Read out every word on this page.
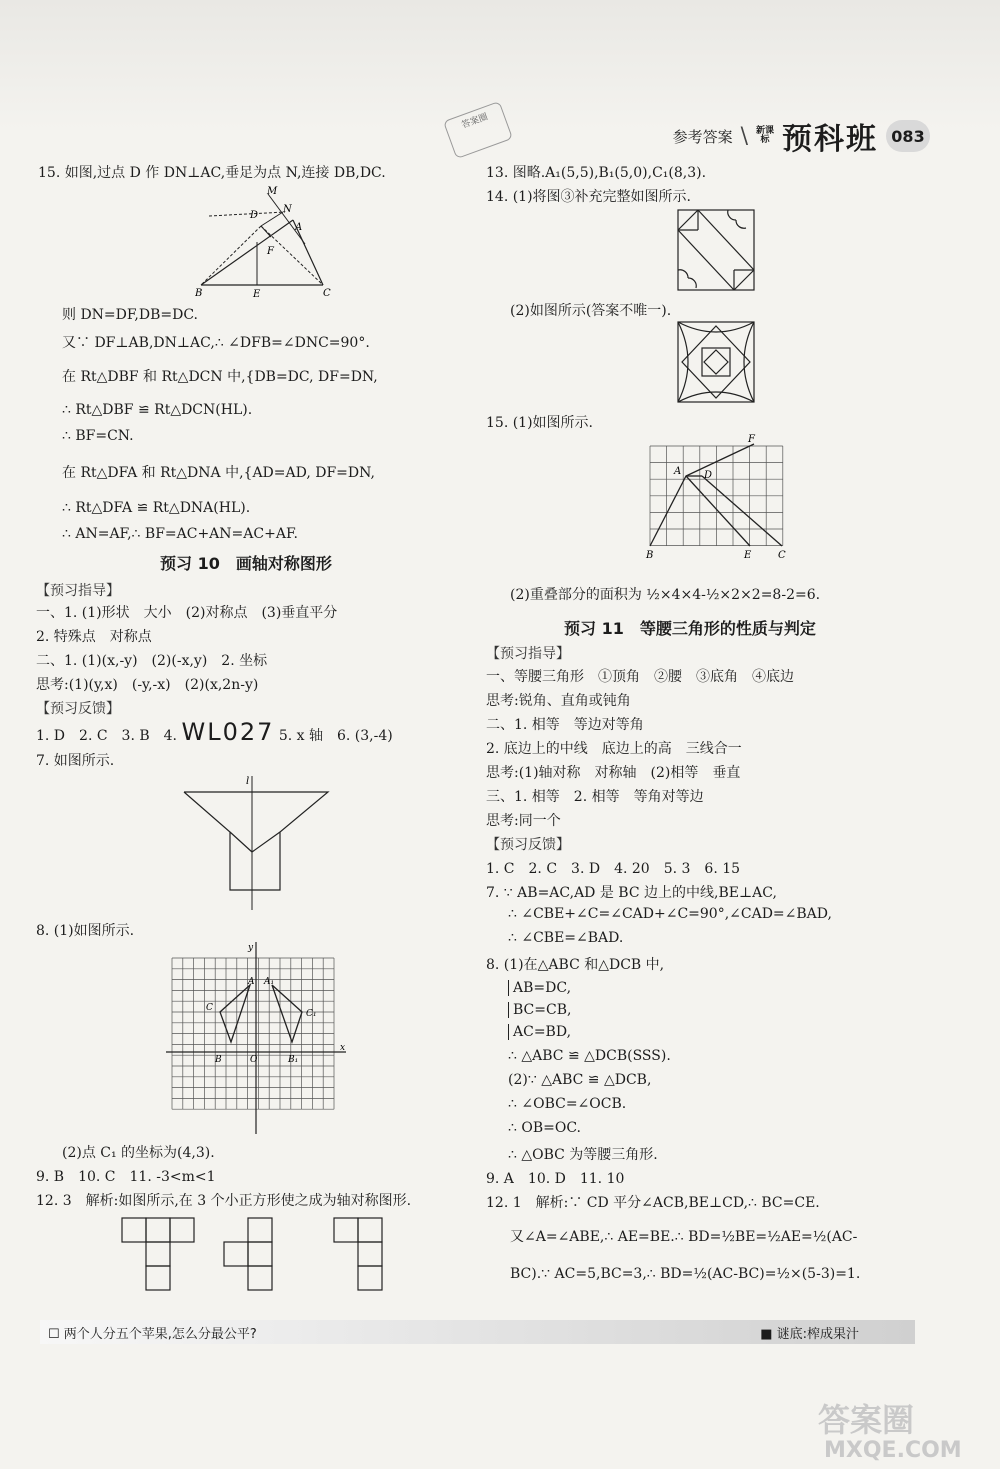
答案圈
参考答案 \ 新课标 预科班 083
15. 如图,过点 D 作 DN⊥AC,垂足为点 N,连接 DB,DC.
M
N
D
A
F
B	E	C
则 DN=DF,DB=DC.
又∵ DF⊥AB,DN⊥AC,∴ ∠DFB=∠DNC=90°.
在 Rt△DBF 和 Rt△DCN 中,{DB=DC, DF=DN,
∴ Rt△DBF ≌ Rt△DCN(HL).
∴ BF=CN.
在 Rt△DFA 和 Rt△DNA 中,{AD=AD, DF=DN,
∴ Rt△DFA ≌ Rt△DNA(HL).
∴ AN=AF,∴ BF=AC+AN=AC+AF.
预习 10　画轴对称图形
【预习指导】
一、1. (1)形状　大小　(2)对称点　(3)垂直平分
2. 特殊点　对称点
二、1. (1)(x,-y)　(2)(-x,y)　2. 坐标
思考:(1)(y,x)　(-y,-x)　(2)(x,2n-y)
【预习反馈】
1. D　2. C　3. B　4. WL027 5. x 轴　6. (3,-4)
7. 如图所示.
l
8. (1)如图所示.
x
y
O
A A₁
C
C₁
B	B₁
(2)点 C₁ 的坐标为(4,3).
9. B　10. C　11. -3<m<1
12. 3　解析:如图所示,在 3 个小正方形使之成为轴对称图形.
13. 图略.A₁(5,5),B₁(5,0),C₁(8,3).
14. (1)将图③补充完整如图所示.
(2)如图所示(答案不唯一).
15. (1)如图所示.
F
A D
B	E	C
(2)重叠部分的面积为 ½×4×4-½×2×2=8-2=6.
预习 11　等腰三角形的性质与判定
【预习指导】
一、等腰三角形　①顶角　②腰　③底角　④底边
思考:锐角、直角或钝角
二、1. 相等　等边对等角
2. 底边上的中线　底边上的高　三线合一
思考:(1)轴对称　对称轴　(2)相等　垂直
三、1. 相等　2. 相等　等角对等边
思考:同一个
【预习反馈】
1. C　2. C　3. D　4. 20　5. 3　6. 15
7. ∵ AB=AC,AD 是 BC 边上的中线,BE⊥AC,
∴ ∠CBE+∠C=∠CAD+∠C=90°,∠CAD=∠BAD,
∴ ∠CBE=∠BAD.
8. (1)在△ABC 和△DCB 中,
AB=DC,
BC=CB,
AC=BD,
∴ △ABC ≌ △DCB(SSS).
(2)∵ △ABC ≌ △DCB,
∴ ∠OBC=∠OCB.
∴ OB=OC.
∴ △OBC 为等腰三角形.
9. A　10. D　11. 10
12. 1　解析:∵ CD 平分∠ACB,BE⊥CD,∴ BC=CE.
又∠A=∠ABE,∴ AE=BE.∴ BD=½BE=½AE=½(AC-
BC).∵ AC=5,BC=3,∴ BD=½(AC-BC)=½×(5-3)=1.
☐ 两个人分五个苹果,怎么分最公平?	■ 谜底:榨成果汁
答案圈
MXQE.COM
